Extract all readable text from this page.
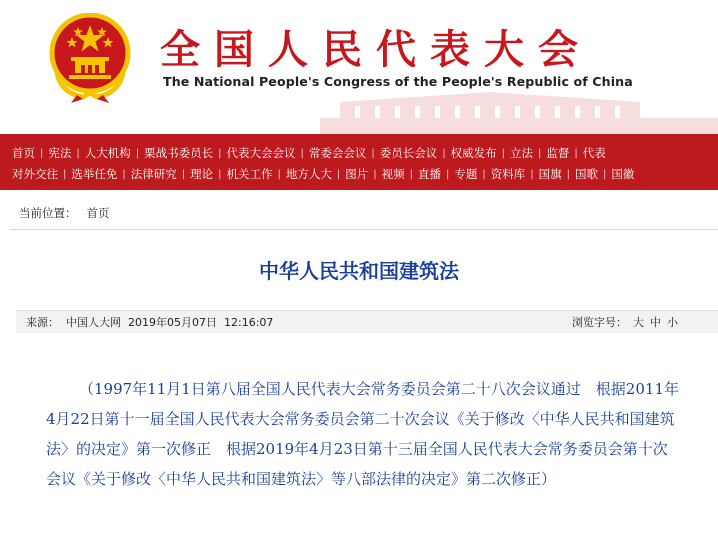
全国人民代表大会
The National People's Congress of the People's Republic of China
首页 | 宪法 | 人大机构 | 栗战书委员长 | 代表大会会议 | 常委会会议 | 委员长会议 | 权威发布 | 立法 | 监督 | 代表
对外交往 | 选举任免 | 法律研究 | 理论 | 机关工作 | 地方人大 | 图片 | 视频 | 直播 | 专题 | 资料库 | 国旗 | 国歌 | 国徽
当前位置： 首页
中华人民共和国建筑法
来源： 中国人大网 2019年05月07日 12:16:07	浏览字号： 大 中 小

（1997年11月1日第八届全国人民代表大会常务委员会第二十八次会议通过　根据2011年4月22日第十一届全国人民代表大会常务委员会第二十次会议《关于修改〈中华人民共和国建筑法〉的决定》第一次修正　根据2019年4月23日第十三届全国人民代表大会常务委员会第十次会议《关于修改〈中华人民共和国建筑法〉等八部法律的决定》第二次修正）
